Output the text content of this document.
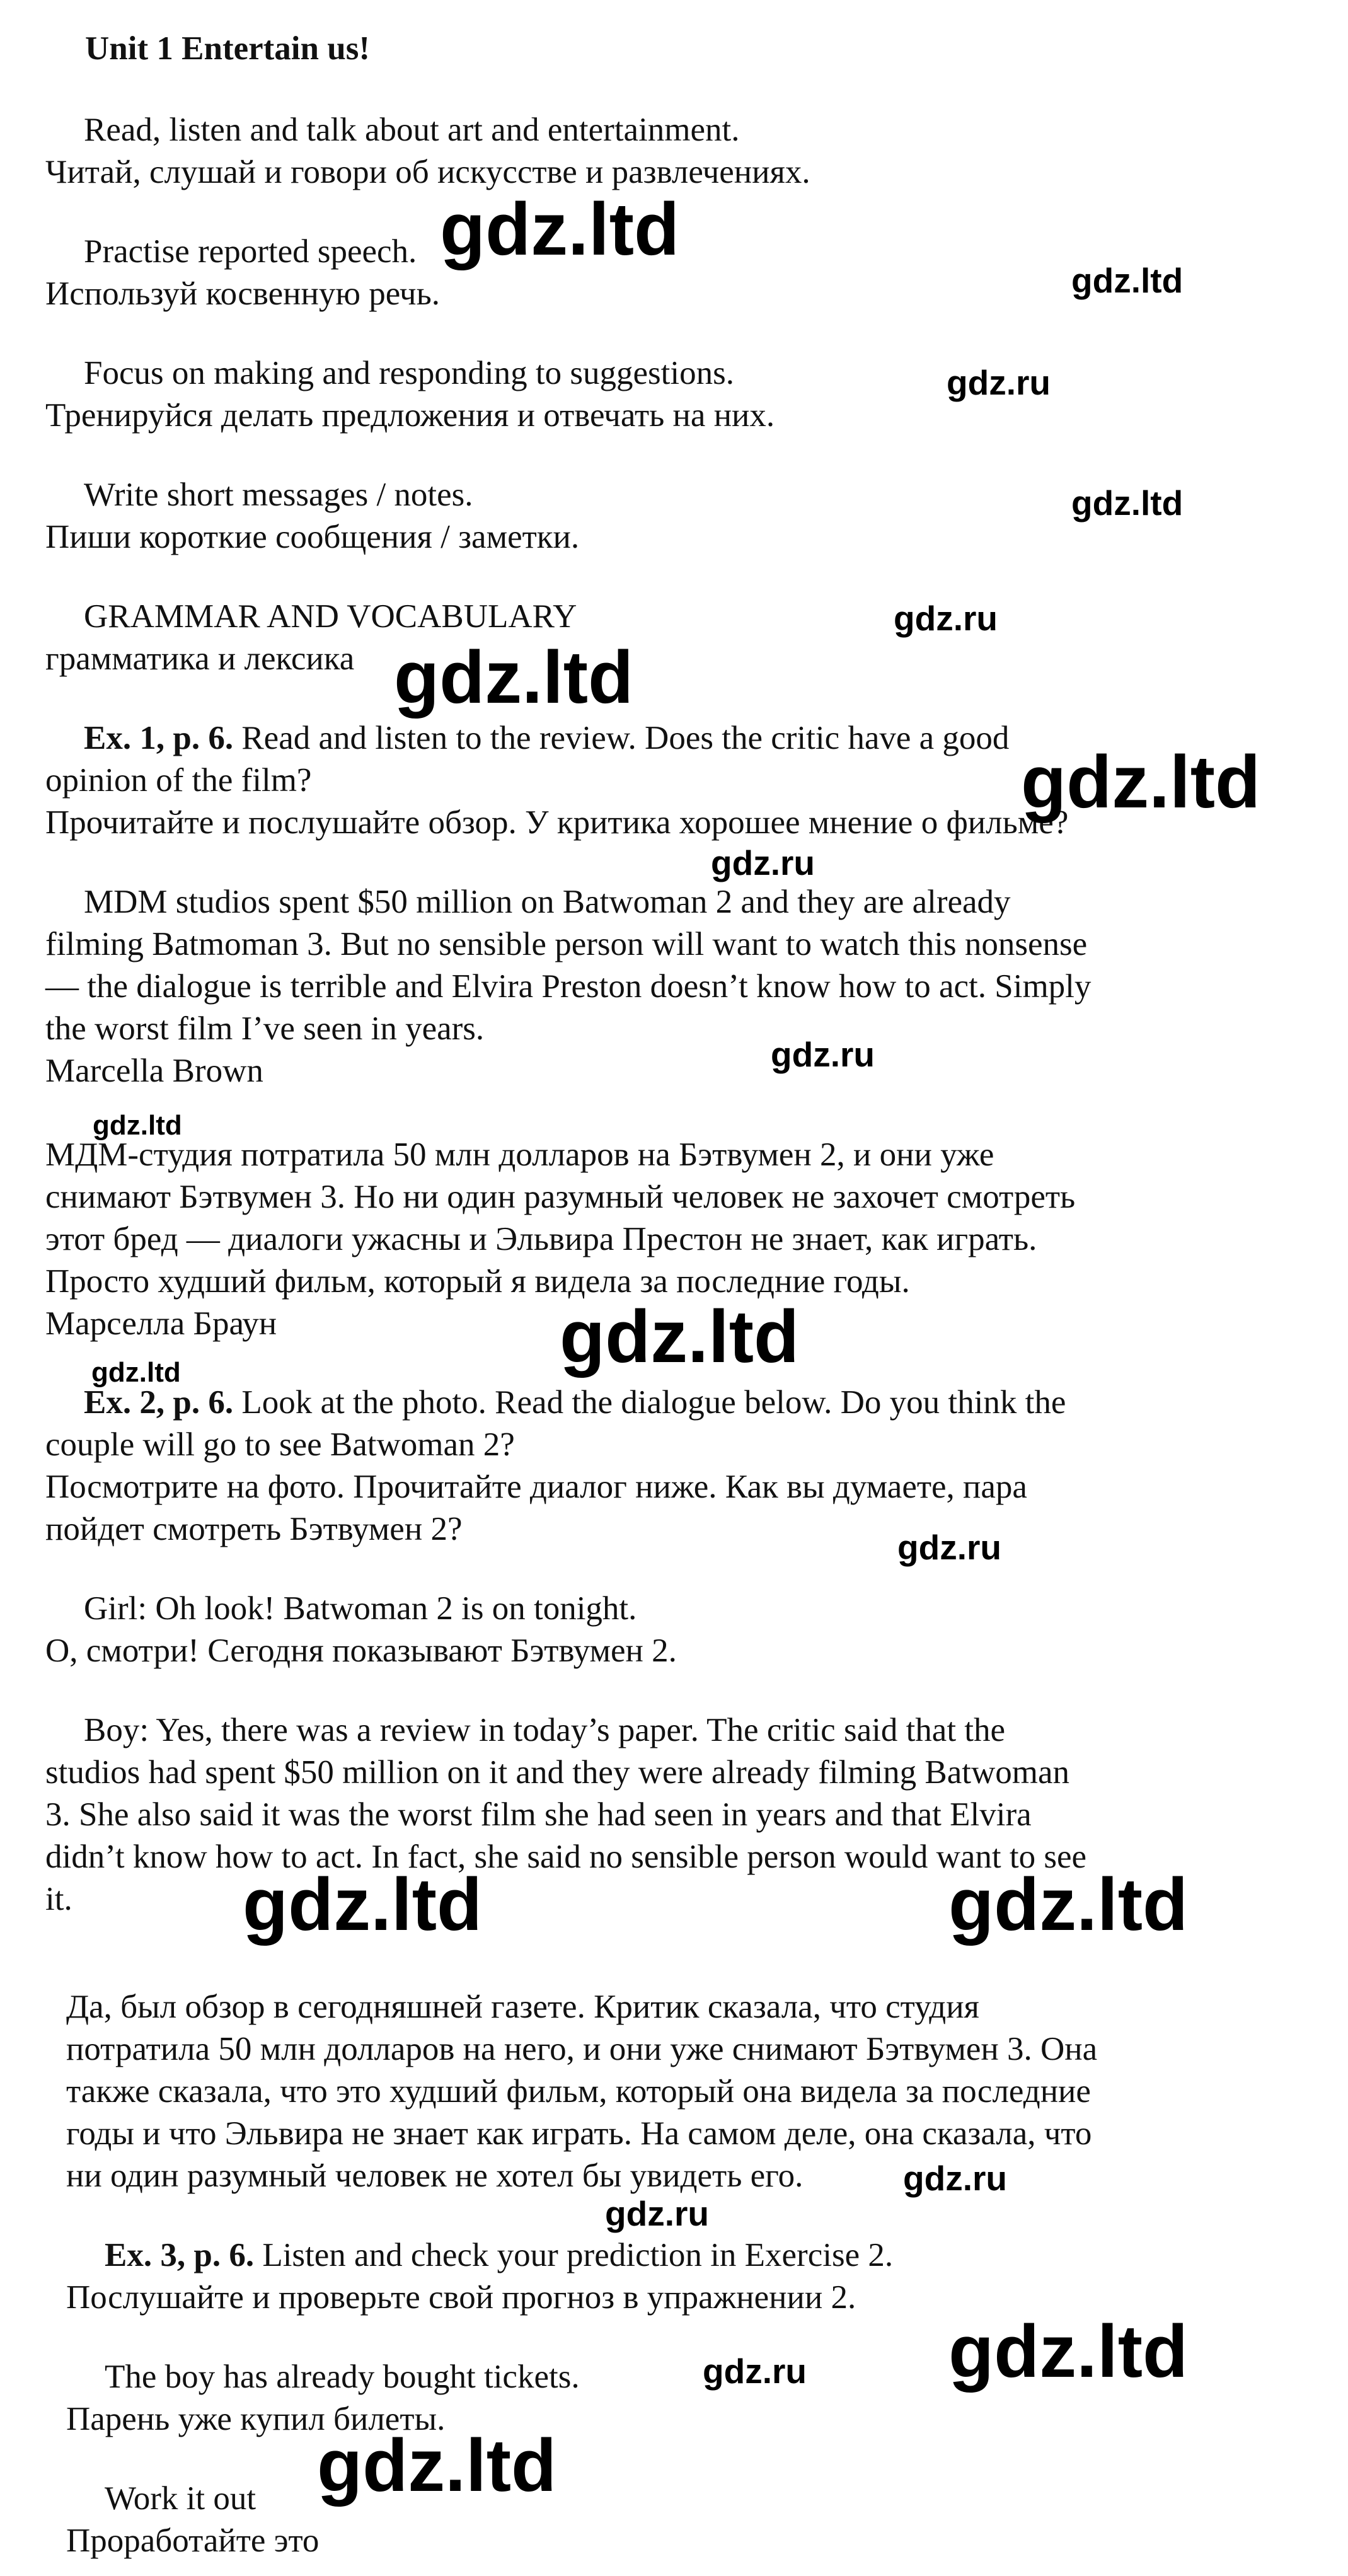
Unit 1 Entertain us!
Read, listen and talk about art and entertainment.
Читай, слушай и говори об искусстве и развлечениях.
Practise reported speech.
Используй косвенную речь.
Focus on making and responding to suggestions.
Тренируйся делать предложения и отвечать на них.
Write short messages / notes.
Пиши короткие сообщения / заметки.
GRAMMAR AND VOCABULARY
грамматика и лексика
Ex. 1, p. 6. Read and listen to the review. Does the critic have a good
opinion of the film?
Прочитайте и послушайте обзор. У критика хорошее мнение о фильме?
MDM studios spent $50 million on Batwoman 2 and they are already
filming Batmoman 3. But no sensible person will want to watch this nonsense
— the dialogue is terrible and Elvira Preston doesn’t know how to act. Simply
the worst film I’ve seen in years.
Marcella Brown
МДМ-студия потратила 50 млн долларов на Бэтвумен 2, и они уже
снимают Бэтвумен 3. Но ни один разумный человек не захочет смотреть
этот бред — диалоги ужасны и Эльвира Престон не знает, как играть.
Просто худший фильм, который я видела за последние годы.
Марселла Браун
Ex. 2, p. 6. Look at the photo. Read the dialogue below. Do you think the
couple will go to see Batwoman 2?
Посмотрите на фото. Прочитайте диалог ниже. Как вы думаете, пара
пойдет смотреть Бэтвумен 2?
Girl: Oh look! Batwoman 2 is on tonight.
О, смотри! Сегодня показывают Бэтвумен 2.
Boy: Yes, there was a review in today’s paper. The critic said that the
studios had spent $50 million on it and they were already filming Batwoman
3. She also said it was the worst film she had seen in years and that Elvira
didn’t know how to act. In fact, she said no sensible person would want to see
it.
Да, был обзор в сегодняшней газете. Критик сказала, что студия
потратила 50 млн долларов на него, и они уже снимают Бэтвумен 3. Она
также сказала, что это худший фильм, который она видела за последние
годы и что Эльвира не знает как играть. На самом деле, она сказала, что
ни один разумный человек не хотел бы увидеть его.
Ex. 3, p. 6. Listen and check your prediction in Exercise 2.
Послушайте и проверьте свой прогноз в упражнении 2.
The boy has already bought tickets.
Парень уже купил билеты.
Work it out
Проработайте это
gdz.ltd
gdz.ltd
gdz.ru
gdz.ltd
gdz.ru
gdz.ltd
gdz.ltd
gdz.ru
gdz.ru
gdz.ltd
gdz.ltd
gdz.ltd
gdz.ru
gdz.ltd	gdz.ltd
gdz.ru
gdz.ru
gdz.ru gdz.ltd
gdz.ltd
